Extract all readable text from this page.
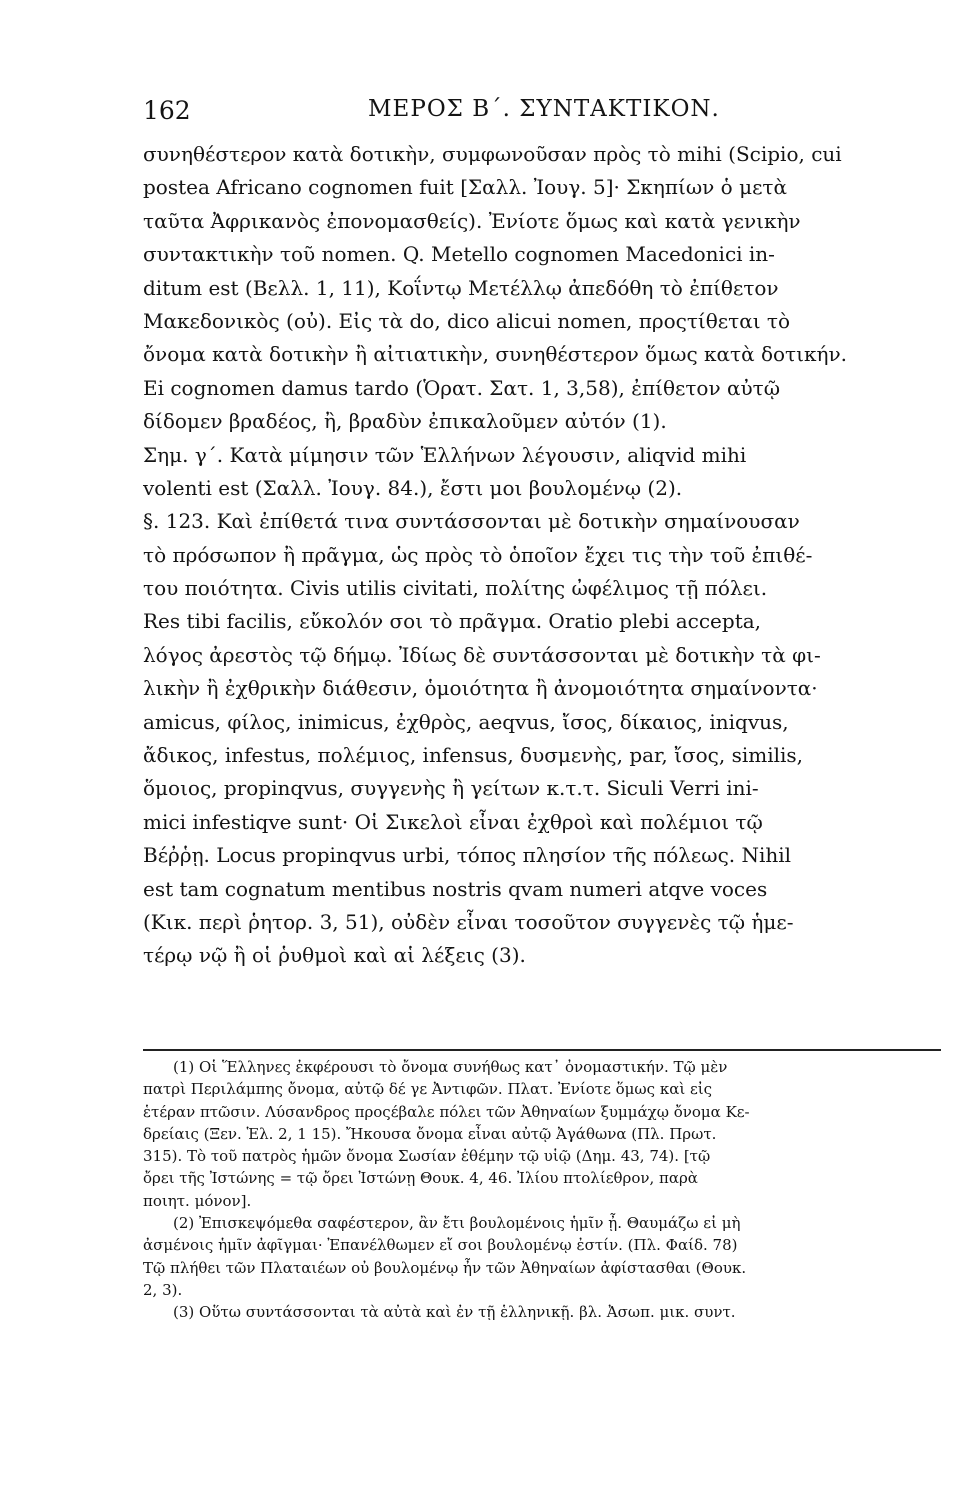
162	ΜΕΡΟΣ Β΄. ΣΥΝΤΑΚΤΙΚΟΝ.
συνηθέστερον κατὰ δοτικὴν, συμφωνοῦσαν πρὸς τὸ mihi (Scipio, cui
postea Africano cognomen fuit [Σαλλ. Ἰουγ. 5]· Σκηπίων ὁ μετὰ
ταῦτα Ἀφρικανὸς ἐπονομασθείς). Ἐνίοτε ὅμως καὶ κατὰ γενικὴν
συντακτικὴν τοῦ nomen. Q. Metello cognomen Macedonici in-
ditum est (Βελλ. 1, 11), Κοΐντῳ Μετέλλῳ ἀπεδόθη τὸ ἐπίθετον
Μακεδονικὸς (οὐ). Εἰς τὰ do, dico alicui nomen, προςτίθεται τὸ
ὄνομα κατὰ δοτικὴν ἢ αἰτιατικὴν, συνηθέστερον ὅμως κατὰ δοτικήν.
Ei cognomen damus tardo (Ὁρατ. Σατ. 1, 3,58), ἐπίθετον αὐτῷ
δίδομεν βραδέος, ἢ, βραδὺν ἐπικαλοῦμεν αὐτόν (1).
Σημ. γ΄. Κατὰ μίμησιν τῶν Ἑλλήνων λέγουσιν, aliqvid mihi
volenti est (Σαλλ. Ἰουγ. 84.), ἔστι μοι βουλομένῳ (2).
§. 123. Καὶ ἐπίθετά τινα συντάσσονται μὲ δοτικὴν σημαίνουσαν
τὸ πρόσωπον ἢ πρᾶγμα, ὡς πρὸς τὸ ὁποῖον ἔχει τις τὴν τοῦ ἐπιθέ-
του ποιότητα. Civis utilis civitati, πολίτης ὠφέλιμος τῇ πόλει.
Res tibi facilis, εὔκολόν σοι τὸ πρᾶγμα. Oratio plebi accepta,
λόγος ἀρεστὸς τῷ δήμῳ. Ἰδίως δὲ συντάσσονται μὲ δοτικὴν τὰ φι-
λικὴν ἢ ἐχθρικὴν διάθεσιν, ὁμοιότητα ἢ ἀνομοιότητα σημαίνοντα·
amicus, φίλος, inimicus, ἐχθρὸς, aeqvus, ἴσος, δίκαιος, iniqvus,
ἄδικος, infestus, πολέμιος, infensus, δυσμενὴς, par, ἴσος, similis,
ὅμοιος, propinqvus, συγγενὴς ἢ γείτων κ.τ.τ. Siculi Verri ini-
mici infestiqve sunt· Οἱ Σικελοὶ εἶναι ἐχθροὶ καὶ πολέμιοι τῷ
Βέῤῥῃ. Locus propinqvus urbi, τόπος πλησίον τῆς πόλεως. Nihil
est tam cognatum mentibus nostris qvam numeri atqve voces
(Κικ. περὶ ῥητορ. 3, 51), οὐδὲν εἶναι τοσοῦτον συγγενὲς τῷ ἡμε-
τέρῳ νῷ ἢ οἱ ῥυθμοὶ καὶ αἱ λέξεις (3).
(1) Οἱ Ἕλληνες ἐκφέρουσι τὸ ὄνομα συνήθως κατ᾽ ὀνομαστικήν. Τῷ μὲν
πατρὶ Περιλάμπης ὄνομα, αὐτῷ δέ γε Ἀντιφῶν. Πλατ. Ἐνίοτε ὅμως καὶ εἰς
ἑτέραν πτῶσιν. Λύσανδρος προςέβαλε πόλει τῶν Ἀθηναίων ξυμμάχῳ ὄνομα Κε-
δρείαις (Ξεν. Ἑλ. 2, 1 15). Ἤκουσα ὄνομα εἶναι αὐτῷ Ἀγάθωνα (Πλ. Πρωτ.
315). Τὸ τοῦ πατρὸς ἡμῶν ὄνομα Σωσίαν ἐθέμην τῷ υἱῷ (Δημ. 43, 74). [τῷ
ὄρει τῆς Ἰστώνης = τῷ ὄρει Ἰστώνῃ Θουκ. 4, 46. Ἰλίου πτολίεθρον, παρὰ
ποιητ. μόνον].
(2) Ἐπισκεψόμεθα σαφέστερον, ἂν ἔτι βουλομένοις ἡμῖν ᾖ. Θαυμάζω εἰ μὴ
ἀσμένοις ἡμῖν ἀφῖγμαι· Ἐπανέλθωμεν εἴ σοι βουλομένῳ ἐστίν. (Πλ. Φαίδ. 78)
Τῷ πλήθει τῶν Πλαταιέων οὐ βουλομένῳ ἦν τῶν Ἀθηναίων ἀφίστασθαι (Θουκ.
2, 3).
(3) Οὕτω συντάσσονται τὰ αὐτὰ καὶ ἐν τῇ ἑλληνικῇ. βλ. Ἀσωπ. μικ. συντ.
